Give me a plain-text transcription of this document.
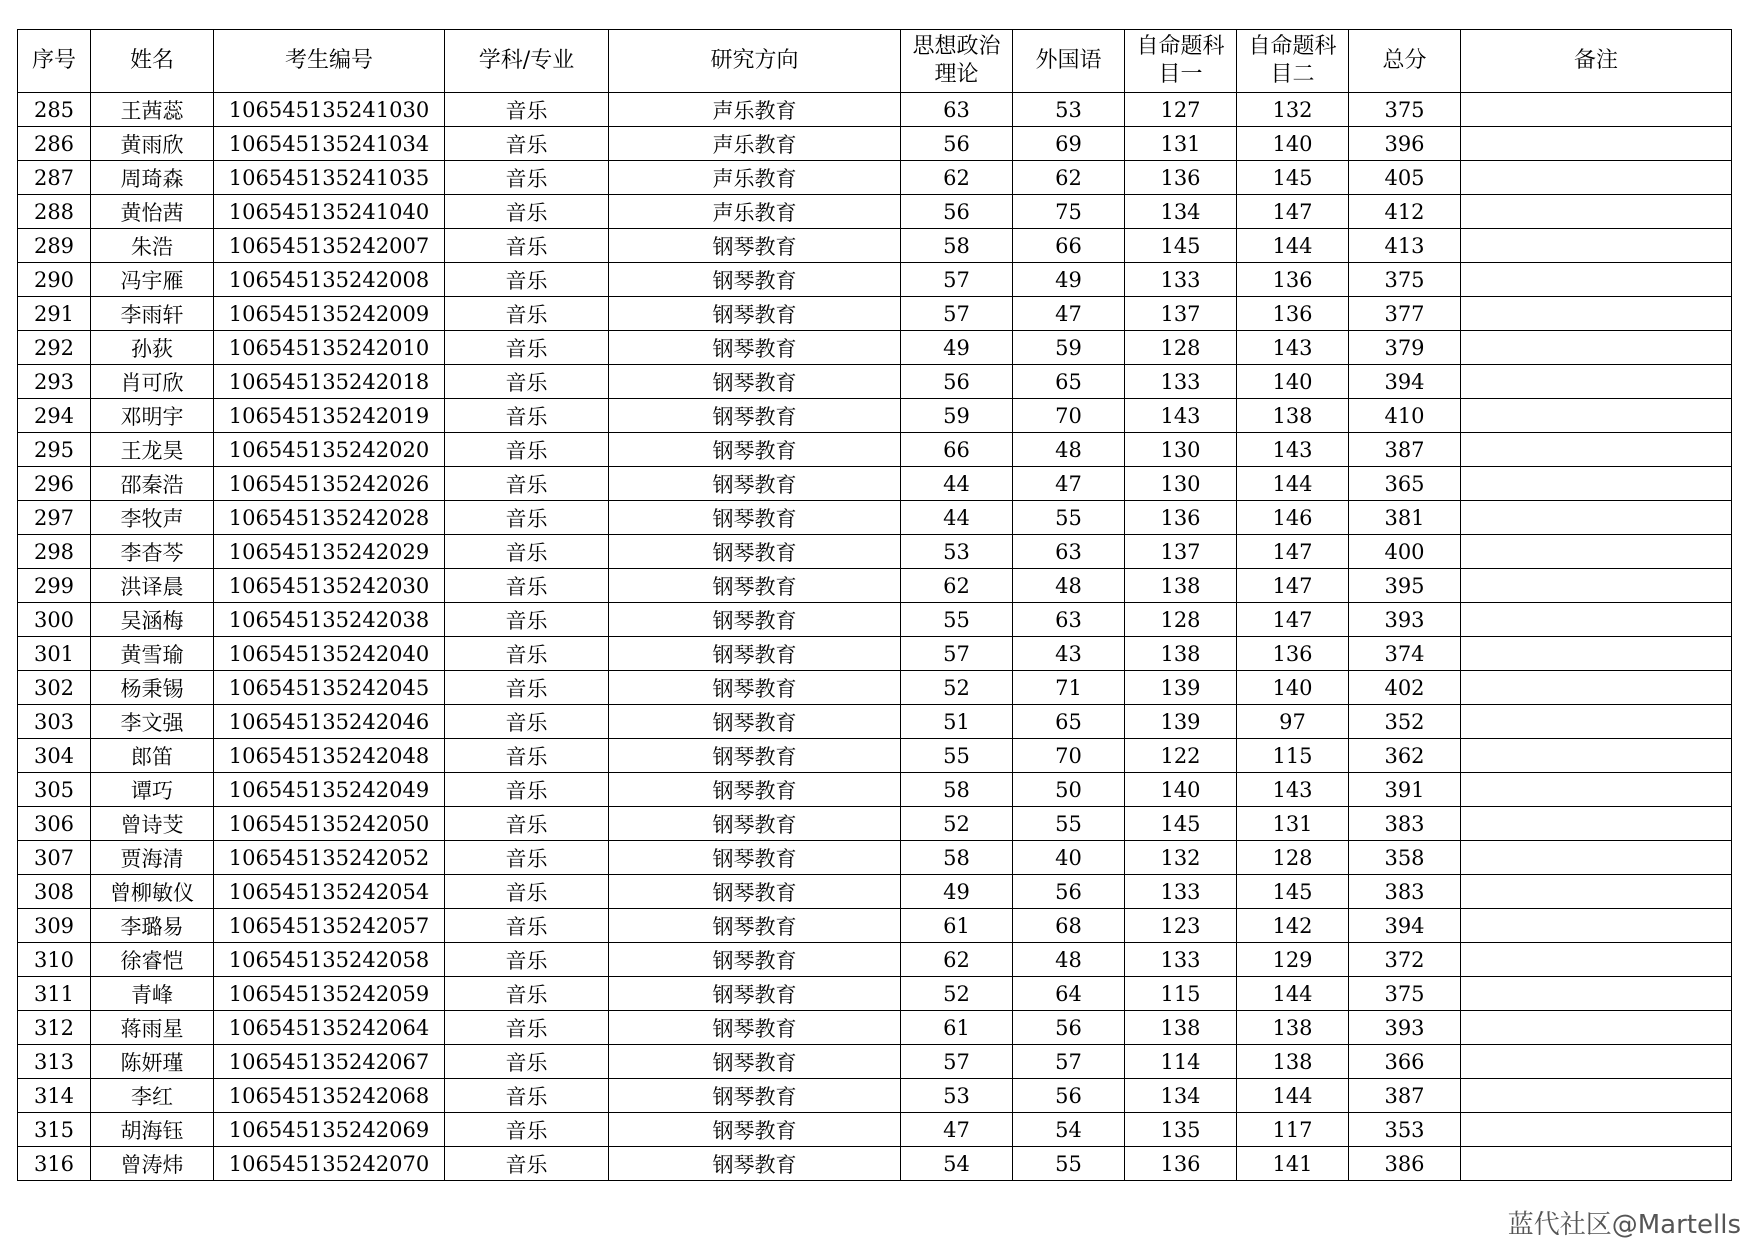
序号	姓名	考生编号	学科/专业	研究方向	思想政治理论	外国语	自命题科目一	自命题科目二	总分	备注
285	王茜蕊	106545135241030	音乐	声乐教育	63	53	127	132	375	
286	黄雨欣	106545135241034	音乐	声乐教育	56	69	131	140	396	
287	周琦森	106545135241035	音乐	声乐教育	62	62	136	145	405	
288	黄怡茜	106545135241040	音乐	声乐教育	56	75	134	147	412	
289	朱浩	106545135242007	音乐	钢琴教育	58	66	145	144	413	
290	冯宇雁	106545135242008	音乐	钢琴教育	57	49	133	136	375	
291	李雨轩	106545135242009	音乐	钢琴教育	57	47	137	136	377	
292	孙荻	106545135242010	音乐	钢琴教育	49	59	128	143	379	
293	肖可欣	106545135242018	音乐	钢琴教育	56	65	133	140	394	
294	邓明宇	106545135242019	音乐	钢琴教育	59	70	143	138	410	
295	王龙昊	106545135242020	音乐	钢琴教育	66	48	130	143	387	
296	邵秦浩	106545135242026	音乐	钢琴教育	44	47	130	144	365	
297	李牧声	106545135242028	音乐	钢琴教育	44	55	136	146	381	
298	李杳芩	106545135242029	音乐	钢琴教育	53	63	137	147	400	
299	洪译晨	106545135242030	音乐	钢琴教育	62	48	138	147	395	
300	吴涵梅	106545135242038	音乐	钢琴教育	55	63	128	147	393	
301	黄雪瑜	106545135242040	音乐	钢琴教育	57	43	138	136	374	
302	杨秉锡	106545135242045	音乐	钢琴教育	52	71	139	140	402	
303	李文强	106545135242046	音乐	钢琴教育	51	65	139	97	352	
304	郎笛	106545135242048	音乐	钢琴教育	55	70	122	115	362	
305	谭巧	106545135242049	音乐	钢琴教育	58	50	140	143	391	
306	曾诗芠	106545135242050	音乐	钢琴教育	52	55	145	131	383	
307	贾海清	106545135242052	音乐	钢琴教育	58	40	132	128	358	
308	曾柳敏仪	106545135242054	音乐	钢琴教育	49	56	133	145	383	
309	李璐易	106545135242057	音乐	钢琴教育	61	68	123	142	394	
310	徐睿恺	106545135242058	音乐	钢琴教育	62	48	133	129	372	
311	青峰	106545135242059	音乐	钢琴教育	52	64	115	144	375	
312	蒋雨星	106545135242064	音乐	钢琴教育	61	56	138	138	393	
313	陈妍瑾	106545135242067	音乐	钢琴教育	57	57	114	138	366	
314	李红	106545135242068	音乐	钢琴教育	53	56	134	144	387	
315	胡海钰	106545135242069	音乐	钢琴教育	47	54	135	117	353	
316	曾涛炜	106545135242070	音乐	钢琴教育	54	55	136	141	386	
蓝代社区@Martells
